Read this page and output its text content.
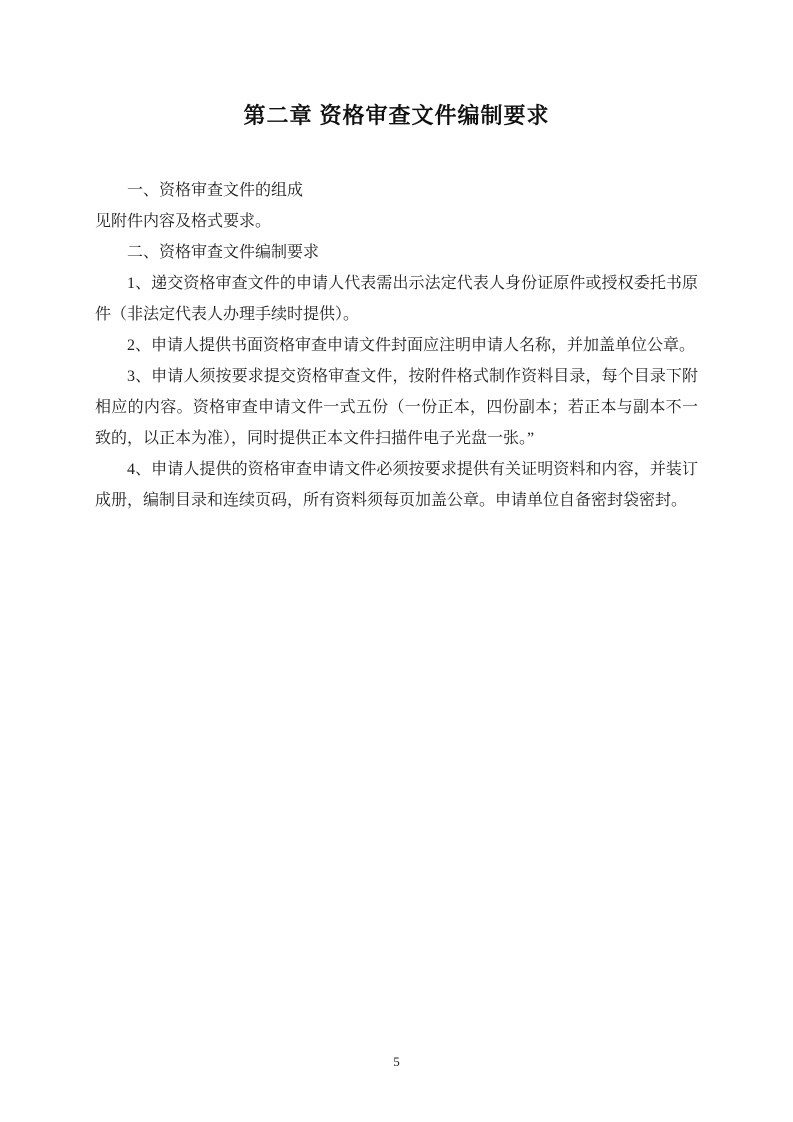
第二章 资格审查文件编制要求

一、资格审查文件的组成

见附件内容及格式要求。

二、资格审查文件编制要求

1、递交资格审查文件的申请人代表需出示法定代表人身份证原件或授权委托书原件（非法定代表人办理手续时提供）。

2、申请人提供书面资格审查申请文件封面应注明申请人名称，并加盖单位公章。

3、申请人须按要求提交资格审查文件，按附件格式制作资料目录，每个目录下附相应的内容。资格审查申请文件一式五份（一份正本，四份副本；若正本与副本不一致的，以正本为准），同时提供正本文件扫描件电子光盘一张。”

4、申请人提供的资格审查申请文件必须按要求提供有关证明资料和内容，并装订成册，编制目录和连续页码，所有资料须每页加盖公章。申请单位自备密封袋密封。

5
